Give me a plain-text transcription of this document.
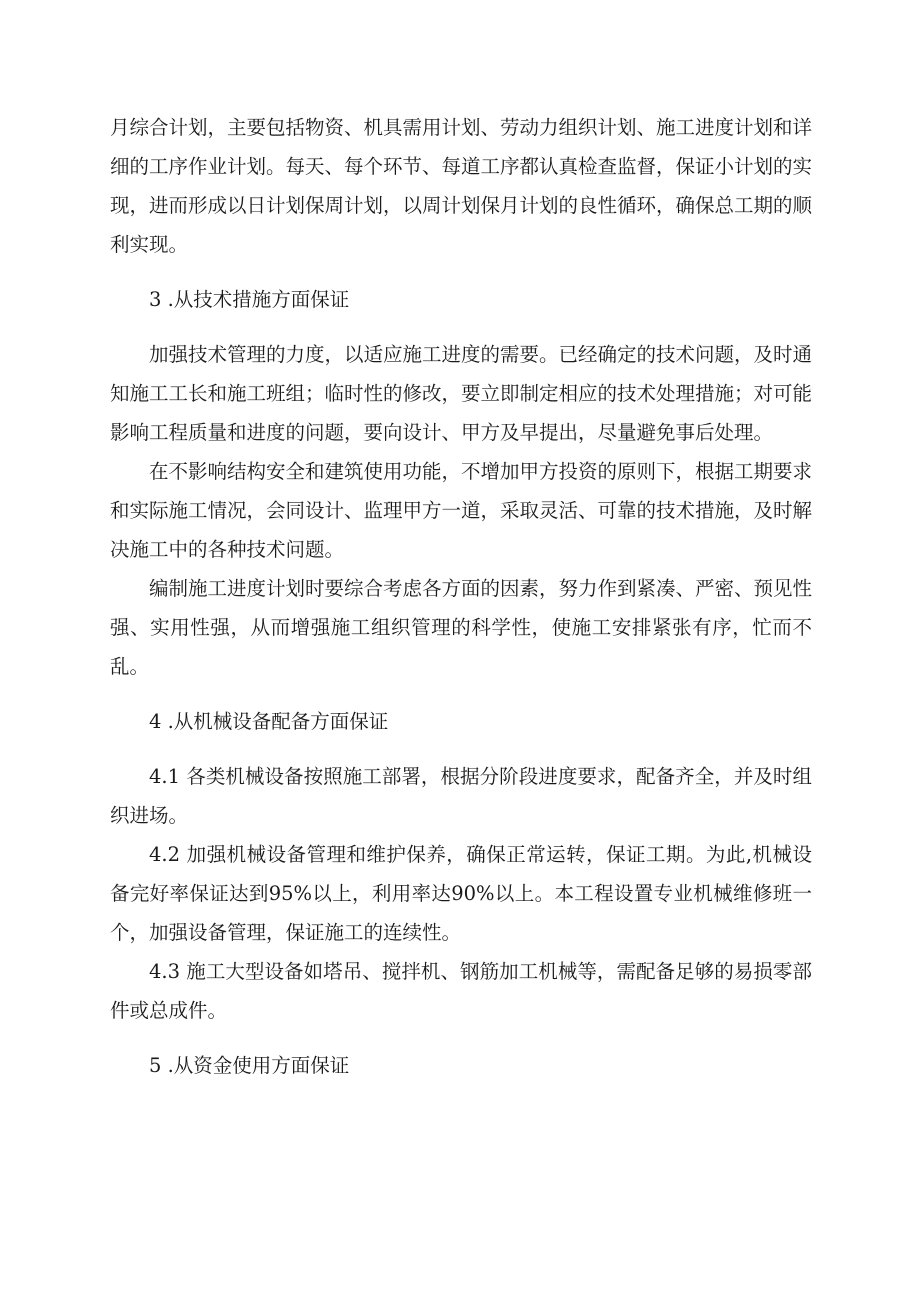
月综合计划，主要包括物资、机具需用计划、劳动力组织计划、施工进度计划和详细的工序作业计划。每天、每个环节、每道工序都认真检查监督，保证小计划的实现，进而形成以日计划保周计划，以周计划保月计划的良性循环，确保总工期的顺利实现。

3 .从技术措施方面保证

加强技术管理的力度，以适应施工进度的需要。已经确定的技术问题，及时通知施工工长和施工班组；临时性的修改，要立即制定相应的技术处理措施；对可能影响工程质量和进度的问题，要向设计、甲方及早提出，尽量避免事后处理。

在不影响结构安全和建筑使用功能，不增加甲方投资的原则下，根据工期要求和实际施工情况，会同设计、监理甲方一道，采取灵活、可靠的技术措施，及时解决施工中的各种技术问题。

编制施工进度计划时要综合考虑各方面的因素，努力作到紧凑、严密、预见性强、实用性强，从而增强施工组织管理的科学性，使施工安排紧张有序，忙而不乱。

4 .从机械设备配备方面保证

4.1 各类机械设备按照施工部署，根据分阶段进度要求，配备齐全，并及时组织进场。

4.2 加强机械设备管理和维护保养，确保正常运转，保证工期。为此,机械设备完好率保证达到95%以上，利用率达90%以上。本工程设置专业机械维修班一个，加强设备管理，保证施工的连续性。

4.3 施工大型设备如塔吊、搅拌机、钢筋加工机械等，需配备足够的易损零部件或总成件。

5 .从资金使用方面保证
